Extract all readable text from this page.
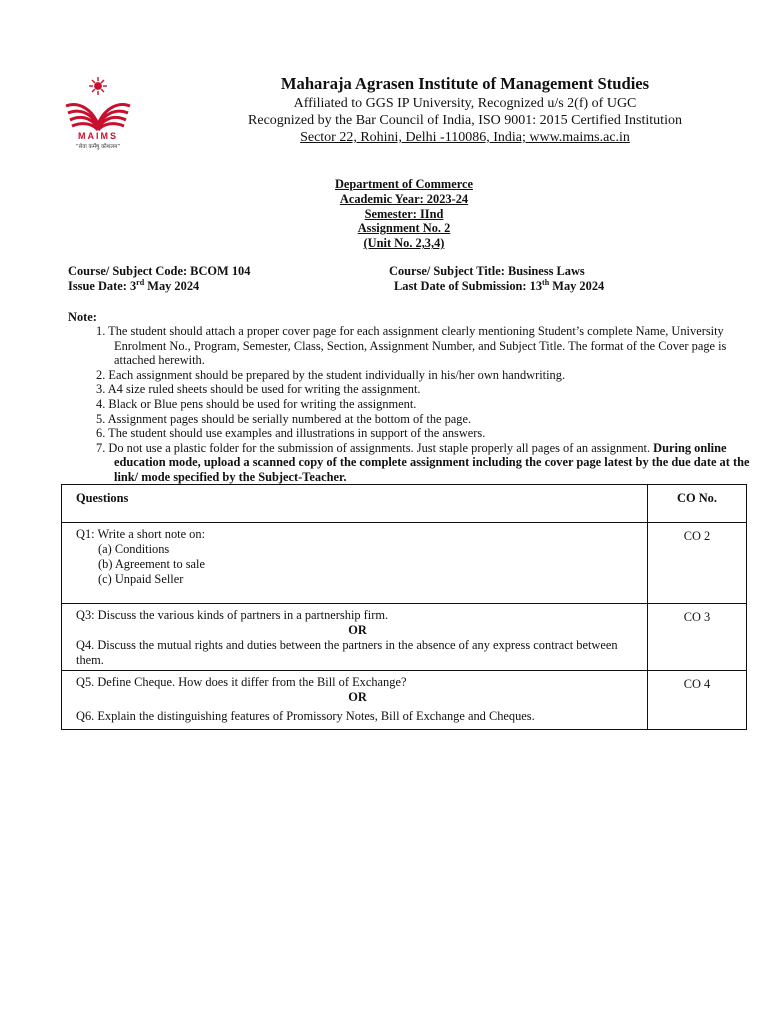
MAIMS
“सेवा कर्मेषु कौशलम”
Maharaja Agrasen Institute of Management Studies
Affiliated to GGS IP University, Recognized u/s 2(f) of UGC
Recognized by the Bar Council of India, ISO 9001: 2015 Certified Institution
Sector 22, Rohini, Delhi -110086, India; www.maims.ac.in
Department of Commerce
Academic Year: 2023-24
Semester: IInd
Assignment No. 2
(Unit No. 2,3,4)
Course/ Subject Code: BCOM 104
Issue Date: 3rd May 2024
Course/ Subject Title: Business Laws
Last Date of Submission: 13th May 2024
Note:
1. The student should attach a proper cover page for each assignment clearly mentioning Student’s complete Name, University Enrolment No., Program, Semester, Class, Section, Assignment Number, and Subject Title. The format of the Cover page is attached herewith.
2. Each assignment should be prepared by the student individually in his/her own handwriting.
3. A4 size ruled sheets should be used for writing the assignment.
4. Black or Blue pens should be used for writing the assignment.
5. Assignment pages should be serially numbered at the bottom of the page.
6. The student should use examples and illustrations in support of the answers.
7. Do not use a plastic folder for the submission of assignments. Just staple properly all pages of an assignment. During online education mode, upload a scanned copy of the complete assignment including the cover page latest by the due date at the link/ mode specified by the Subject-Teacher.
Questions	CO No.

Q1: Write a short note on:
(a) Conditions
(b) Agreement to sale
(c) Unpaid Seller	CO 2

Q3: Discuss the various kinds of partners in a partnership firm.
OR
Q4. Discuss the mutual rights and duties between the partners in the absence of any express contract between them.	CO 3

Q5. Define Cheque. How does it differ from the Bill of Exchange?
OR
Q6. Explain the distinguishing features of Promissory Notes, Bill of Exchange and Cheques.	CO 4
